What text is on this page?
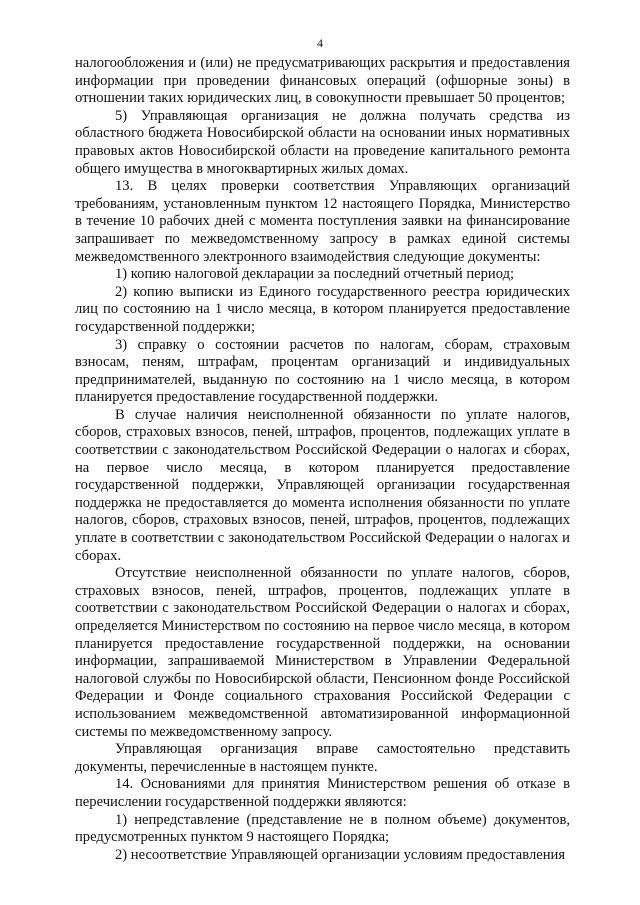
4

налогообложения и (или) не предусматривающих раскрытия и предоставления информации при проведении финансовых операций (офшорные зоны) в отношении таких юридических лиц, в совокупности превышает 50 процентов;

5) Управляющая организация не должна получать средства из областного бюджета Новосибирской области на основании иных нормативных правовых актов Новосибирской области на проведение капитального ремонта общего имущества в многоквартирных жилых домах.

13. В целях проверки соответствия Управляющих организаций требованиям, установленным пунктом 12 настоящего Порядка, Министерство в течение 10 рабочих дней с момента поступления заявки на финансирование запрашивает по межведомственному запросу в рамках единой системы межведомственного электронного взаимодействия следующие документы:

1) копию налоговой декларации за последний отчетный период;

2) копию выписки из Единого государственного реестра юридических лиц по состоянию на 1 число месяца, в котором планируется предоставление государственной поддержки;

3) справку о состоянии расчетов по налогам, сборам, страховым взносам, пеням, штрафам, процентам организаций и индивидуальных предпринимателей, выданную по состоянию на 1 число месяца, в котором планируется предоставление государственной поддержки.

В случае наличия неисполненной обязанности по уплате налогов, сборов, страховых взносов, пеней, штрафов, процентов, подлежащих уплате в соответствии с законодательством Российской Федерации о налогах и сборах, на первое число месяца, в котором планируется предоставление государственной поддержки, Управляющей организации государственная поддержка не предоставляется до момента исполнения обязанности по уплате налогов, сборов, страховых взносов, пеней, штрафов, процентов, подлежащих уплате в соответствии с законодательством Российской Федерации о налогах и сборах.

Отсутствие неисполненной обязанности по уплате налогов, сборов, страховых взносов, пеней, штрафов, процентов, подлежащих уплате в соответствии с законодательством Российской Федерации о налогах и сборах, определяется Министерством по состоянию на первое число месяца, в котором планируется предоставление государственной поддержки, на основании информации, запрашиваемой Министерством в Управлении Федеральной налоговой службы по Новосибирской области, Пенсионном фонде Российской Федерации и Фонде социального страхования Российской Федерации с использованием межведомственной автоматизированной информационной системы по межведомственному запросу.

Управляющая организация вправе самостоятельно представить документы, перечисленные в настоящем пункте.

14. Основаниями для принятия Министерством решения об отказе в перечислении государственной поддержки являются:

1) непредставление (представление не в полном объеме) документов, предусмотренных пунктом 9 настоящего Порядка;

2) несоответствие Управляющей организации условиям предоставления
